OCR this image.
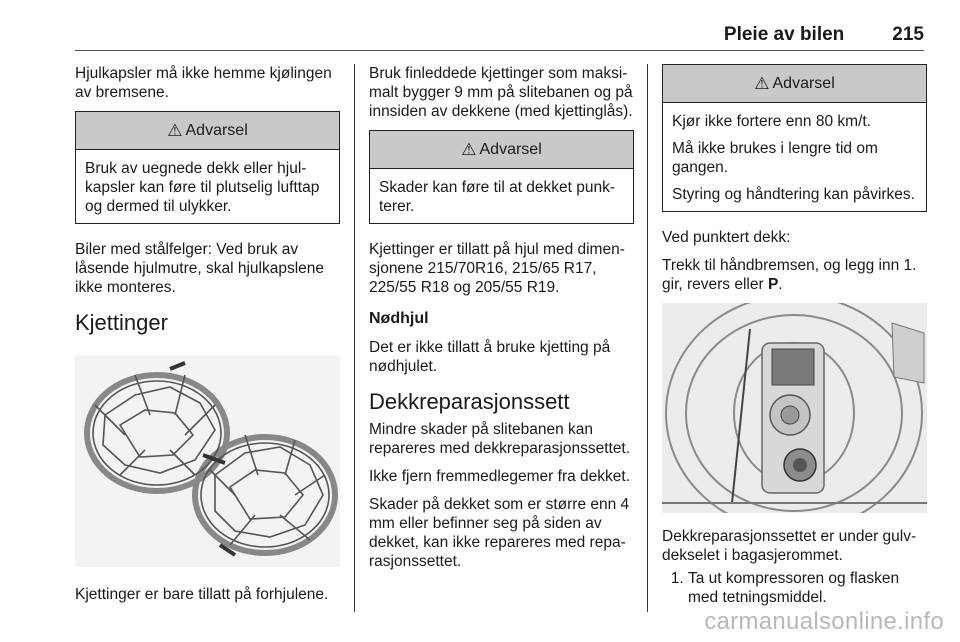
Pleie av bilen	215

Hjulkapsler må ikke hemme kjølingen av bremsene.

⚠ Advarsel

Bruk av uegnede dekk eller hjulkapsler kan føre til plutselig lufttap og dermed til ulykker.

Biler med stålfelger: Ved bruk av låsende hjulmutre, skal hjulkapslene ikke monteres.

Kjettinger

Kjettinger er bare tillatt på forhjulene.

Bruk finleddede kjettinger som maksimalt bygger 9 mm på slitebanen og på innsiden av dekkene (med kjettinglås).

⚠ Advarsel

Skader kan føre til at dekket punkterer.

Kjettinger er tillatt på hjul med dimensjonene 215/70R16, 215/65 R17, 225/55 R18 og 205/55 R19.

Nødhjul

Det er ikke tillatt å bruke kjetting på nødhjulet.

Dekkreparasjonssett

Mindre skader på slitebanen kan repareres med dekkreparasjonssettet.

Ikke fjern fremmedlegemer fra dekket.

Skader på dekket som er større enn 4 mm eller befinner seg på siden av dekket, kan ikke repareres med reparasjonssettet.

⚠ Advarsel

Kjør ikke fortere enn 80 km/t.

Må ikke brukes i lengre tid om gangen.

Styring og håndtering kan påvirkes.

Ved punktert dekk:

Trekk til håndbremsen, og legg inn 1. gir, revers eller P.

Dekkreparasjonssettet er under gulvdekselet i bagasjerommet.

1. Ta ut kompressoren og flasken med tetningsmiddel.
carmanualsonline.info
